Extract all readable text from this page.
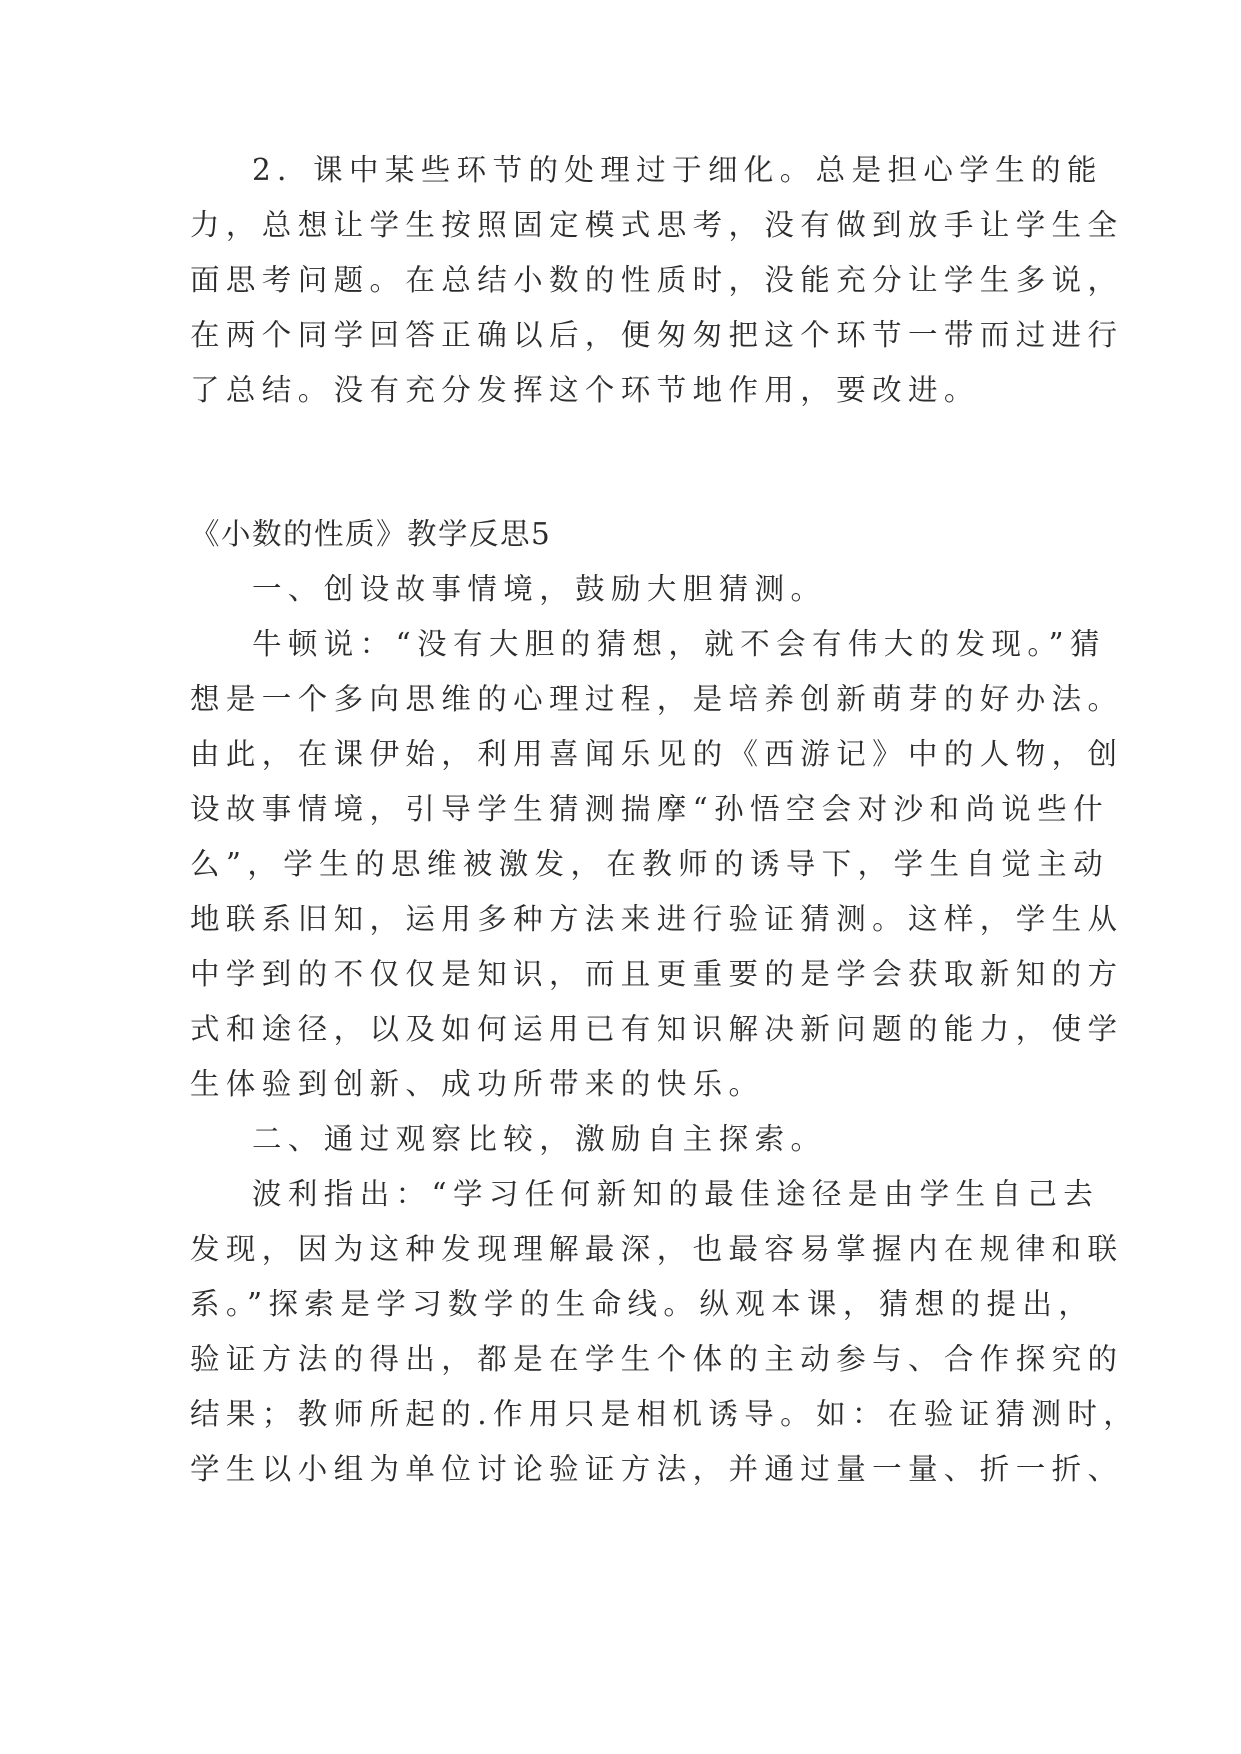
2．课中某些环节的处理过于细化。总是担心学生的能

力，总想让学生按照固定模式思考，没有做到放手让学生全

面思考问题。在总结小数的性质时，没能充分让学生多说，

在两个同学回答正确以后，便匆匆把这个环节一带而过进行

了总结。没有充分发挥这个环节地作用，要改进。

《小数的性质》教学反思5

一、创设故事情境，鼓励大胆猜测。

牛顿说：“没有大胆的猜想，就不会有伟大的发现。”猜

想是一个多向思维的心理过程，是培养创新萌芽的好办法。

由此，在课伊始，利用喜闻乐见的《西游记》中的人物，创

设故事情境，引导学生猜测揣摩“孙悟空会对沙和尚说些什

么”，学生的思维被激发，在教师的诱导下，学生自觉主动

地联系旧知，运用多种方法来进行验证猜测。这样，学生从

中学到的不仅仅是知识，而且更重要的是学会获取新知的方

式和途径，以及如何运用已有知识解决新问题的能力，使学

生体验到创新、成功所带来的快乐。

二、通过观察比较，激励自主探索。

波利指出：“学习任何新知的最佳途径是由学生自己去

发现，因为这种发现理解最深，也最容易掌握内在规律和联

系。”探索是学习数学的生命线。纵观本课，猜想的提出，

验证方法的得出，都是在学生个体的主动参与、合作探究的

结果；教师所起的.作用只是相机诱导。如：在验证猜测时，

学生以小组为单位讨论验证方法，并通过量一量、折一折、
